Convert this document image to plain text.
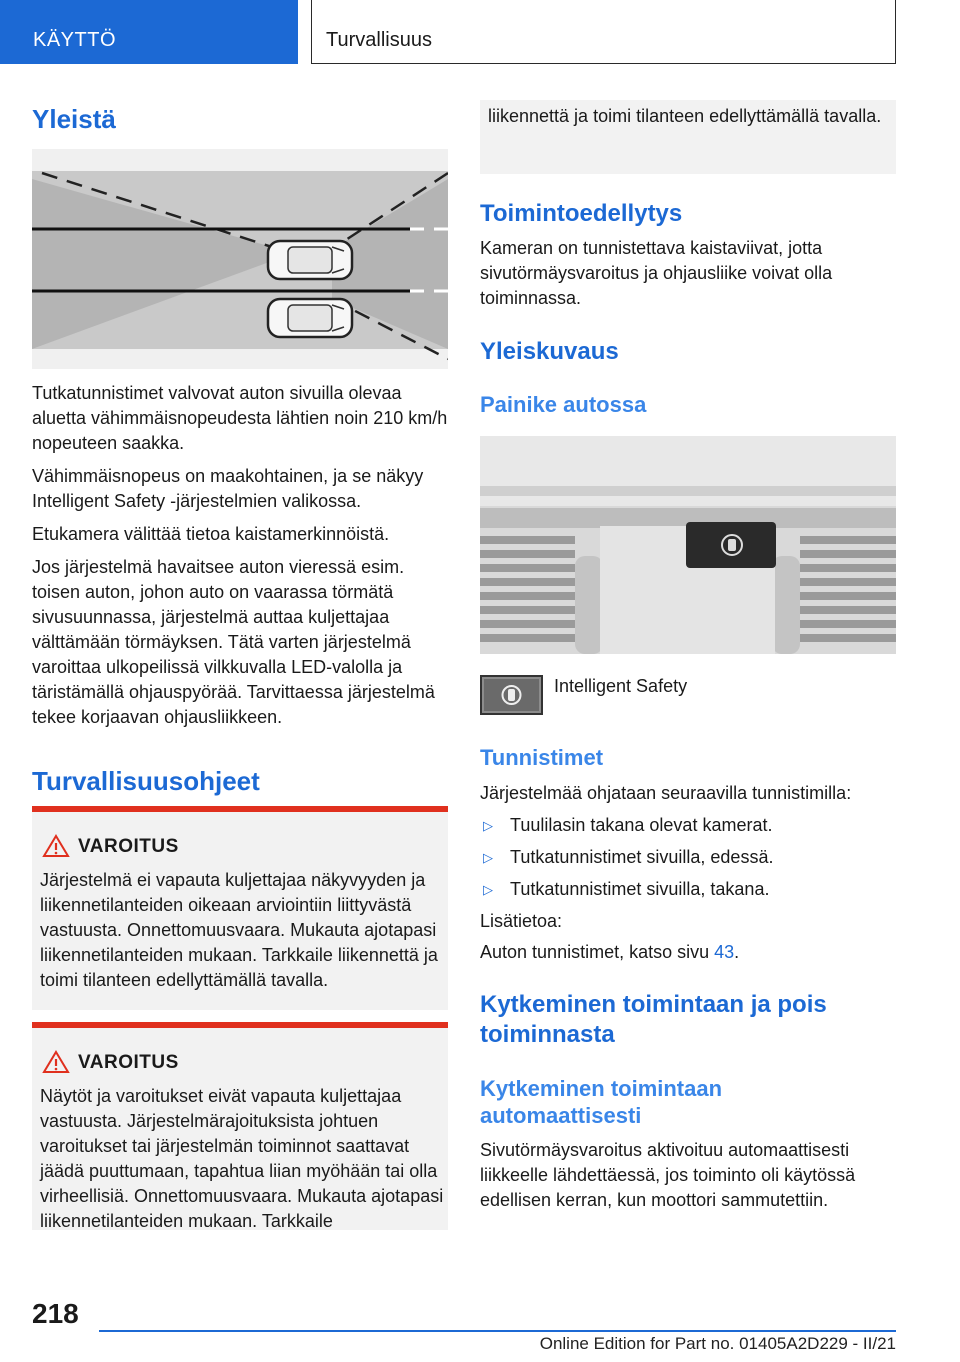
KÄYTTÖ	Turvallisuus
Yleistä

Tutkatunnistimet valvovat auton sivuilla olevaa aluetta vähimmäisnopeudesta lähtien noin 210 km/h nopeuteen saakka.

Vähimmäisnopeus on maakohtainen, ja se näkyy Intelligent Safety -järjestelmien valikossa.

Etukamera välittää tietoa kaistamerkinnöistä.

Jos järjestelmä havaitsee auton vieressä esim. toisen auton, johon auto on vaarassa törmätä sivusuunnassa, järjestelmä auttaa kuljettajaa välttämään törmäyksen. Tätä varten järjestelmä varoittaa ulkopeilissä vilkkuvalla LED-valolla ja täristämällä ohjauspyörää. Tarvittaessa järjestelmä tekee korjaavan ohjausliikkeen.

Turvallisuusohjeet
VAROITUS
Järjestelmä ei vapauta kuljettajaa näkyvyyden ja liikennetilanteiden oikeaan arviointiin liittyvästä vastuusta. Onnettomuusvaara. Mukauta ajotapasi liikennetilanteiden mukaan. Tarkkaile liikennettä ja toimi tilanteen edellyttämällä tavalla.
VAROITUS
Näytöt ja varoitukset eivät vapauta kuljettajaa vastuusta. Järjestelmärajoituksista johtuen varoitukset tai järjestelmän toiminnot saattavat jäädä puuttumaan, tapahtua liian myöhään tai olla virheellisiä. Onnettomuusvaara. Mukauta ajotapasi liikennetilanteiden mukaan. Tarkkaile
liikennettä ja toimi tilanteen edellyttämällä tavalla.
Toimintoedellytys
Kameran on tunnistettava kaistaviivat, jotta sivutörmäysvaroitus ja ohjausliike voivat olla toiminnassa.
Yleiskuvaus
Painike autossa
Intelligent Safety
Tunnistimet
Järjestelmää ohjataan seuraavilla tunnistimilla:
▷ Tuulilasin takana olevat kamerat.
▷ Tutkatunnistimet sivuilla, edessä.
▷ Tutkatunnistimet sivuilla, takana.
Lisätietoa:
Auton tunnistimet, katso sivu 43.
Kytkeminen toimintaan ja pois toiminnasta
Kytkeminen toimintaan automaattisesti
Sivutörmäysvaroitus aktivoituu automaattisesti liikkeelle lähdettäessä, jos toiminto oli käytössä edellisen kerran, kun moottori sammutettiin.
218
Online Edition for Part no. 01405A2D229 - II/21
